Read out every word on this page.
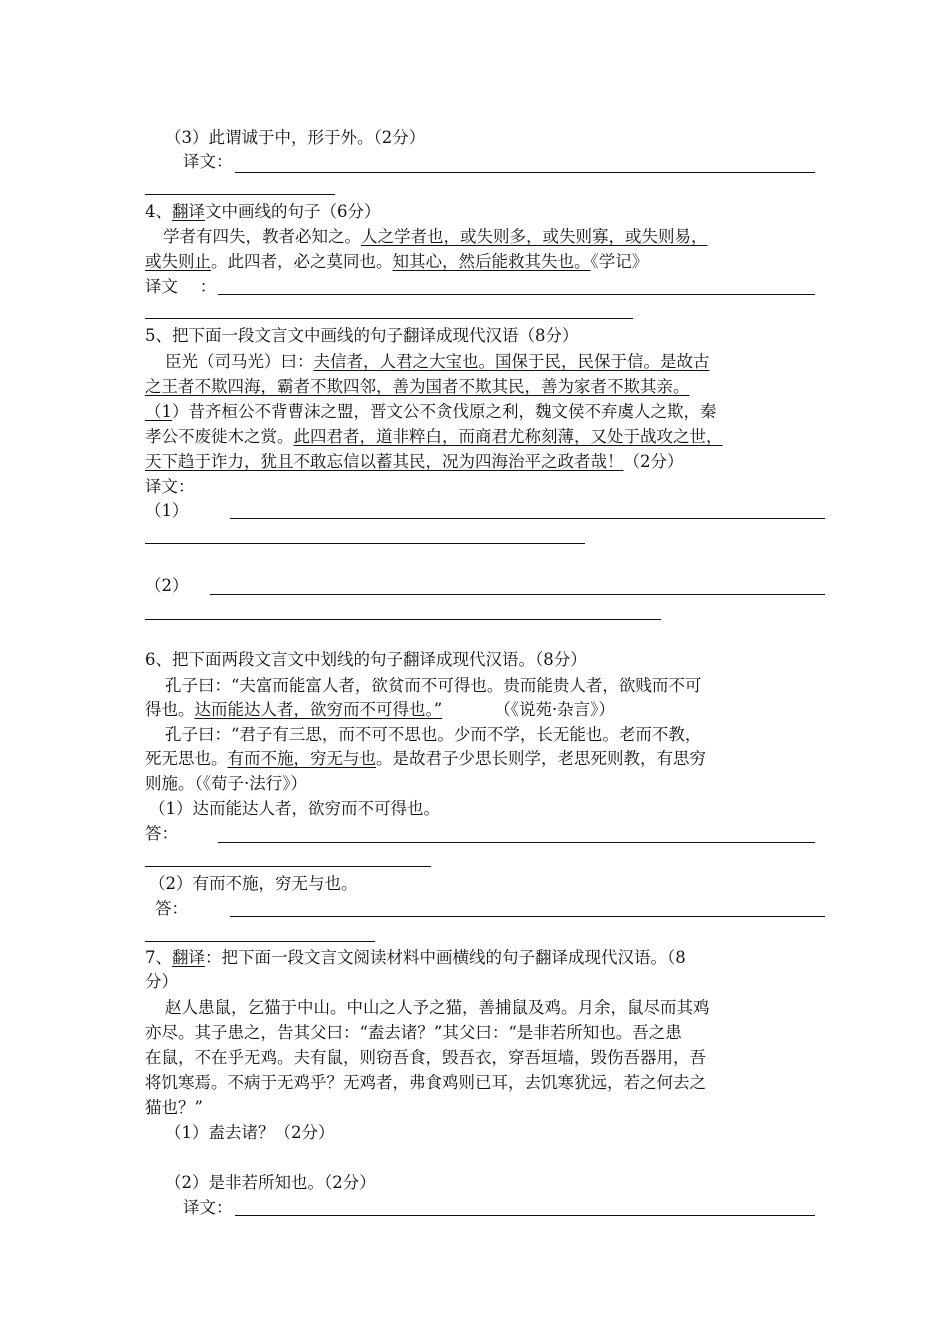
（3）此谓诚于中，形于外。（2分）
译文：
4、翻译文中画线的句子（6分）
学者有四失，教者必知之。人之学者也，或失则多，或失则寡，或失则易，
或失则止。此四者，必之莫同也。知其心，然后能救其失也。《学记》
译文 　：
5、把下面一段文言文中画线的句子翻译成现代汉语（8分）
臣光（司马光）曰：夫信者，人君之大宝也。国保于民，民保于信。是故古
之王者不欺四海，霸者不欺四邻，善为国者不欺其民，善为家者不欺其亲。
（1）昔齐桓公不背曹沫之盟，晋文公不贪伐原之利，魏文侯不弃虞人之欺，秦
孝公不废徙木之赏。此四君者，道非粹白，而商君尤称刻薄，又处于战攻之世，
天下趋于诈力，犹且不敢忘信以蓄其民，况为四海治平之政者哉！（2分）
译文：
（1）
（2）
6、把下面两段文言文中划线的句子翻译成现代汉语。（8分）
孔子曰：“夫富而能富人者，欲贫而不可得也。贵而能贵人者，欲贱而不可
得也。达而能达人者，欲穷而不可得也。”	（《说苑·杂言》）
孔子曰：“君子有三思，而不可不思也。少而不学，长无能也。老而不教，
死无思也。有而不施，穷无与也。是故君子少思长则学，老思死则教，有思穷
则施。（《荀子·法行》）
（1）达而能达人者，欲穷而不可得也。
答：
（2）有而不施，穷无与也。
答：
7、翻译：把下面一段文言文阅读材料中画横线的句子翻译成现代汉语。（8
分）
赵人患鼠，乞猫于中山。中山之人予之猫，善捕鼠及鸡。月余，鼠尽而其鸡
亦尽。其子患之，告其父曰：“盍去诸？”其父曰：“是非若所知也。吾之患
在鼠，不在乎无鸡。夫有鼠，则窃吾食，毁吾衣，穿吾垣墙，毁伤吾器用，吾
将饥寒焉。不病于无鸡乎？无鸡者，弗食鸡则已耳，去饥寒犹远，若之何去之
猫也？”
（1）盍去诸？（2分）
（2）是非若所知也。（2分）
译文：
